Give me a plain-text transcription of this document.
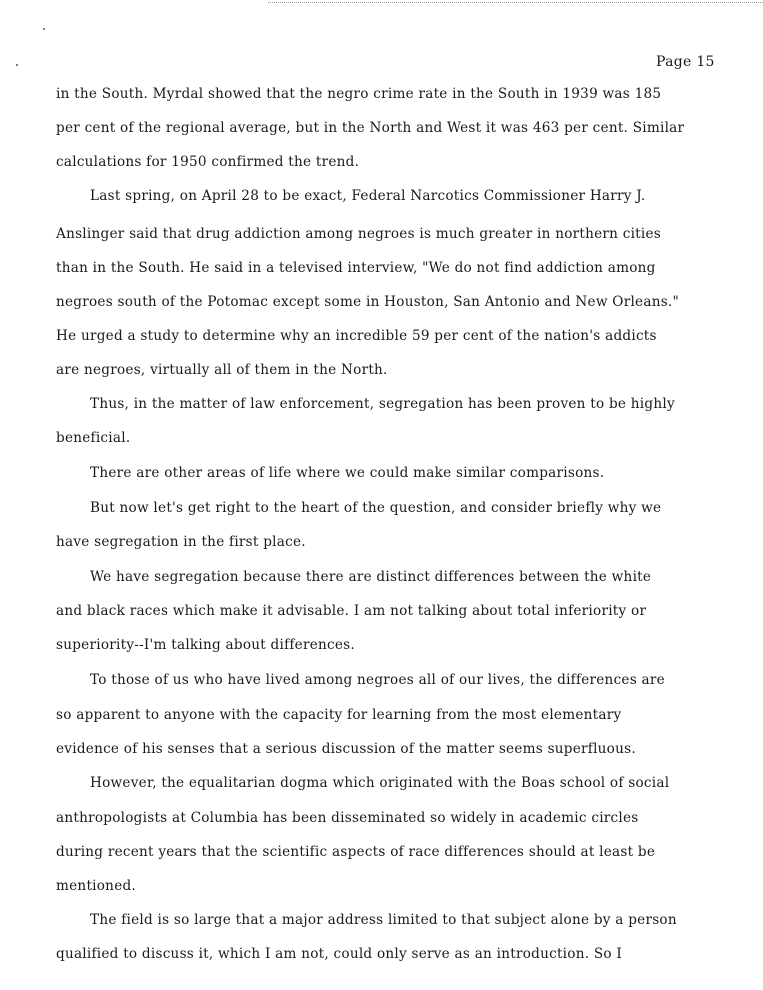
Page 15
in the South. Myrdal showed that the negro crime rate in the South in 1939 was 185
per cent of the regional average, but in the North and West it was 463 per cent. Similar
calculations for 1950 confirmed the trend.
Last spring, on April 28 to be exact, Federal Narcotics Commissioner Harry J.
Anslinger said that drug addiction among negroes is much greater in northern cities
than in the South. He said in a televised interview, "We do not find addiction among
negroes south of the Potomac except some in Houston, San Antonio and New Orleans."
He urged a study to determine why an incredible 59 per cent of the nation's addicts
are negroes, virtually all of them in the North.
Thus, in the matter of law enforcement, segregation has been proven to be highly
beneficial.
There are other areas of life where we could make similar comparisons.
But now let's get right to the heart of the question, and consider briefly why we
have segregation in the first place.
We have segregation because there are distinct differences between the white
and black races which make it advisable. I am not talking about total inferiority or
superiority--I'm talking about differences.
To those of us who have lived among negroes all of our lives, the differences are
so apparent to anyone with the capacity for learning from the most elementary
evidence of his senses that a serious discussion of the matter seems superfluous.
However, the equalitarian dogma which originated with the Boas school of social
anthropologists at Columbia has been disseminated so widely in academic circles
during recent years that the scientific aspects of race differences should at least be
mentioned.
The field is so large that a major address limited to that subject alone by a person
qualified to discuss it, which I am not, could only serve as an introduction. So I
